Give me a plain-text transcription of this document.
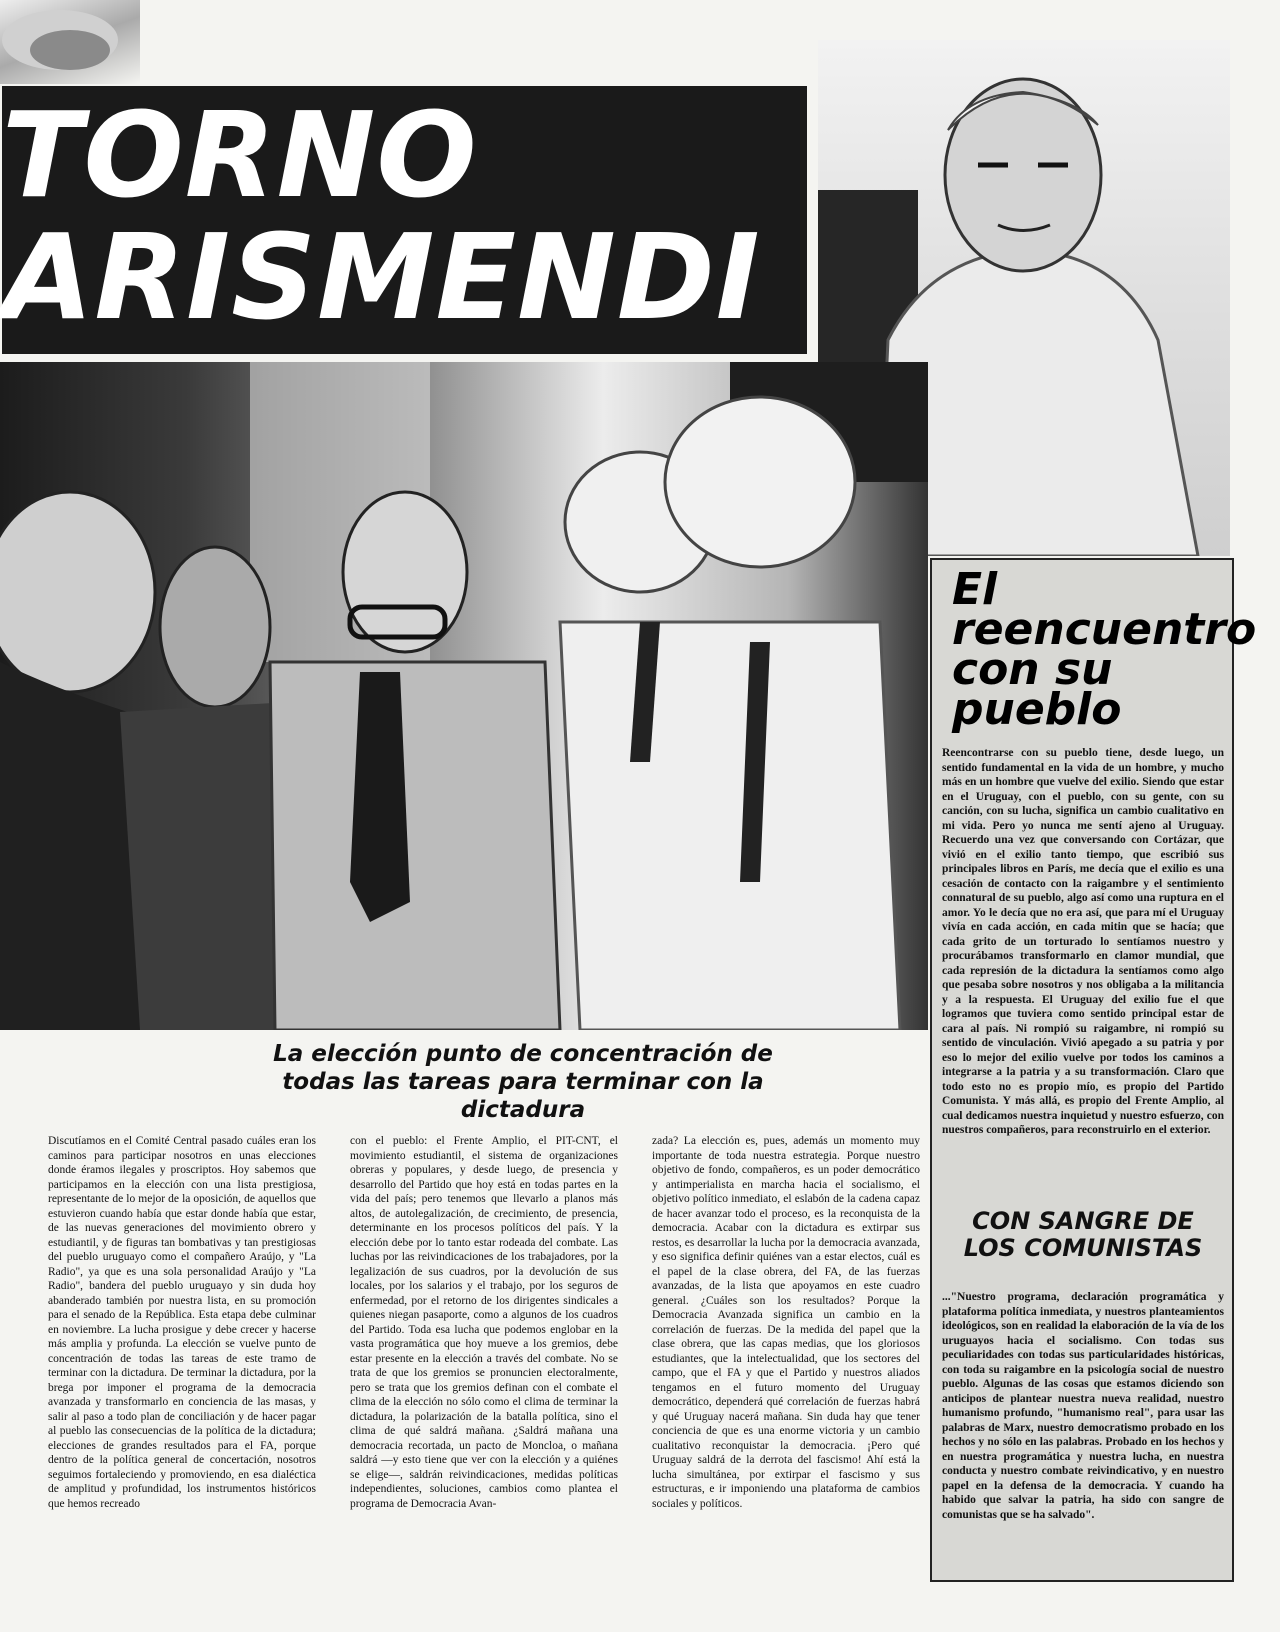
TORNO
ARISMENDI
El reencuentro con su pueblo
Reencontrarse con su pueblo tiene, desde luego, un sentido fundamental en la vida de un hombre, y mucho más en un hombre que vuelve del exilio. Siendo que estar en el Uruguay, con el pueblo, con su gente, con su canción, con su lucha, significa un cambio cualitativo en mi vida. Pero yo nunca me sentí ajeno al Uruguay. Recuerdo una vez que conversando con Cortázar, que vivió en el exilio tanto tiempo, que escribió sus principales libros en París, me decía que el exilio es una cesación de contacto con la raigambre y el sentimiento connatural de su pueblo, algo así como una ruptura en el amor. Yo le decía que no era así, que para mí el Uruguay vivía en cada acción, en cada mitin que se hacía; que cada grito de un torturado lo sentíamos nuestro y procurábamos transformarlo en clamor mundial, que cada represión de la dictadura la sentíamos como algo que pesaba sobre nosotros y nos obligaba a la militancia y a la respuesta. El Uruguay del exilio fue el que logramos que tuviera como sentido principal estar de cara al país. Ni rompió su raigambre, ni rompió su sentido de vinculación. Vivió apegado a su patria y por eso lo mejor del exilio vuelve por todos los caminos a integrarse a la patria y a su transformación. Claro que todo esto no es propio mío, es propio del Partido Comunista. Y más allá, es propio del Frente Amplio, al cual dedicamos nuestra inquietud y nuestro esfuerzo, con nuestros compañeros, para reconstruirlo en el exterior.
CON SANGRE DE LOS COMUNISTAS
..."Nuestro programa, declaración programática y plataforma política inmediata, y nuestros planteamientos ideológicos, son en realidad la elaboración de la vía de los uruguayos hacia el socialismo. Con todas sus peculiaridades con todas sus particularidades históricas, con toda su raigambre en la psicología social de nuestro pueblo. Algunas de las cosas que estamos diciendo son anticipos de plantear nuestra nueva realidad, nuestro humanismo profundo, "humanismo real", para usar las palabras de Marx, nuestro democratismo probado en los hechos y no sólo en las palabras. Probado en los hechos y en nuestra programática y nuestra lucha, en nuestra conducta y nuestro combate reivindicativo, y en nuestro papel en la defensa de la democracia. Y cuando ha habido que salvar la patria, ha sido con sangre de comunistas que se ha salvado".
La elección punto de concentración de todas las tareas para terminar con la dictadura
Discutíamos en el Comité Central pasado cuáles eran los caminos para participar nosotros en unas elecciones donde éramos ilegales y proscriptos. Hoy sabemos que participamos en la elección con una lista prestigiosa, representante de lo mejor de la oposición, de aquellos que estuvieron cuando había que estar donde había que estar, de las nuevas generaciones del movimiento obrero y estudiantil, y de figuras tan bombativas y tan prestigiosas del pueblo uruguayo como el compañero Araújo, y "La Radio", ya que es una sola personalidad Araújo y "La Radio", bandera del pueblo uruguayo y sin duda hoy abanderado también por nuestra lista, en su promoción para el senado de la República. Esta etapa debe culminar en noviembre. La lucha prosigue y debe crecer y hacerse más amplia y profunda. La elección se vuelve punto de concentración de todas las tareas de este tramo de terminar con la dictadura. De terminar la dictadura, por la brega por imponer el programa de la democracia avanzada y transformarlo en conciencia de las masas, y salir al paso a todo plan de conciliación y de hacer pagar al pueblo las consecuencias de la política de la dictadura; elecciones de grandes resultados para el FA, porque dentro de la política general de concertación, nosotros seguimos fortaleciendo y promoviendo, en esa dialéctica de amplitud y profundidad, los instrumentos históricos que hemos recreado
con el pueblo: el Frente Amplio, el PIT-CNT, el movimiento estudiantil, el sistema de organizaciones obreras y populares, y desde luego, de presencia y desarrollo del Partido que hoy está en todas partes en la vida del país; pero tenemos que llevarlo a planos más altos, de autolegalización, de crecimiento, de presencia, determinante en los procesos políticos del país. Y la elección debe por lo tanto estar rodeada del combate. Las luchas por las reivindicaciones de los trabajadores, por la legalización de sus cuadros, por la devolución de sus locales, por los salarios y el trabajo, por los seguros de enfermedad, por el retorno de los dirigentes sindicales a quienes niegan pasaporte, como a algunos de los cuadros del Partido. Toda esa lucha que podemos englobar en la vasta programática que hoy mueve a los gremios, debe estar presente en la elección a través del combate. No se trata de que los gremios se pronuncien electoralmente, pero se trata que los gremios definan con el combate el clima de la elección no sólo como el clima de terminar la dictadura, la polarización de la batalla política, sino el clima de qué saldrá mañana. ¿Saldrá mañana una democracia recortada, un pacto de Moncloa, o mañana saldrá —y esto tiene que ver con la elección y a quiénes se elige—, saldrán reivindicaciones, medidas políticas independientes, soluciones, cambios como plantea el programa de Democracia Avan-
zada? La elección es, pues, además un momento muy importante de toda nuestra estrategia. Porque nuestro objetivo de fondo, compañeros, es un poder democrático y antimperialista en marcha hacia el socialismo, el objetivo político inmediato, el eslabón de la cadena capaz de hacer avanzar todo el proceso, es la reconquista de la democracia. Acabar con la dictadura es extirpar sus restos, es desarrollar la lucha por la democracia avanzada, y eso significa definir quiénes van a estar electos, cuál es el papel de la clase obrera, del FA, de las fuerzas avanzadas, de la lista que apoyamos en este cuadro general. ¿Cuáles son los resultados? Porque la Democracia Avanzada significa un cambio en la correlación de fuerzas. De la medida del papel que la clase obrera, que las capas medias, que los gloriosos estudiantes, que la intelectualidad, que los sectores del campo, que el FA y que el Partido y nuestros aliados tengamos en el futuro momento del Uruguay democrático, dependerá qué correlación de fuerzas habrá y qué Uruguay nacerá mañana. Sin duda hay que tener conciencia de que es una enorme victoria y un cambio cualitativo reconquistar la democracia. ¡Pero qué Uruguay saldrá de la derrota del fascismo! Ahí está la lucha simultánea, por extirpar el fascismo y sus estructuras, e ir imponiendo una plataforma de cambios sociales y políticos.
